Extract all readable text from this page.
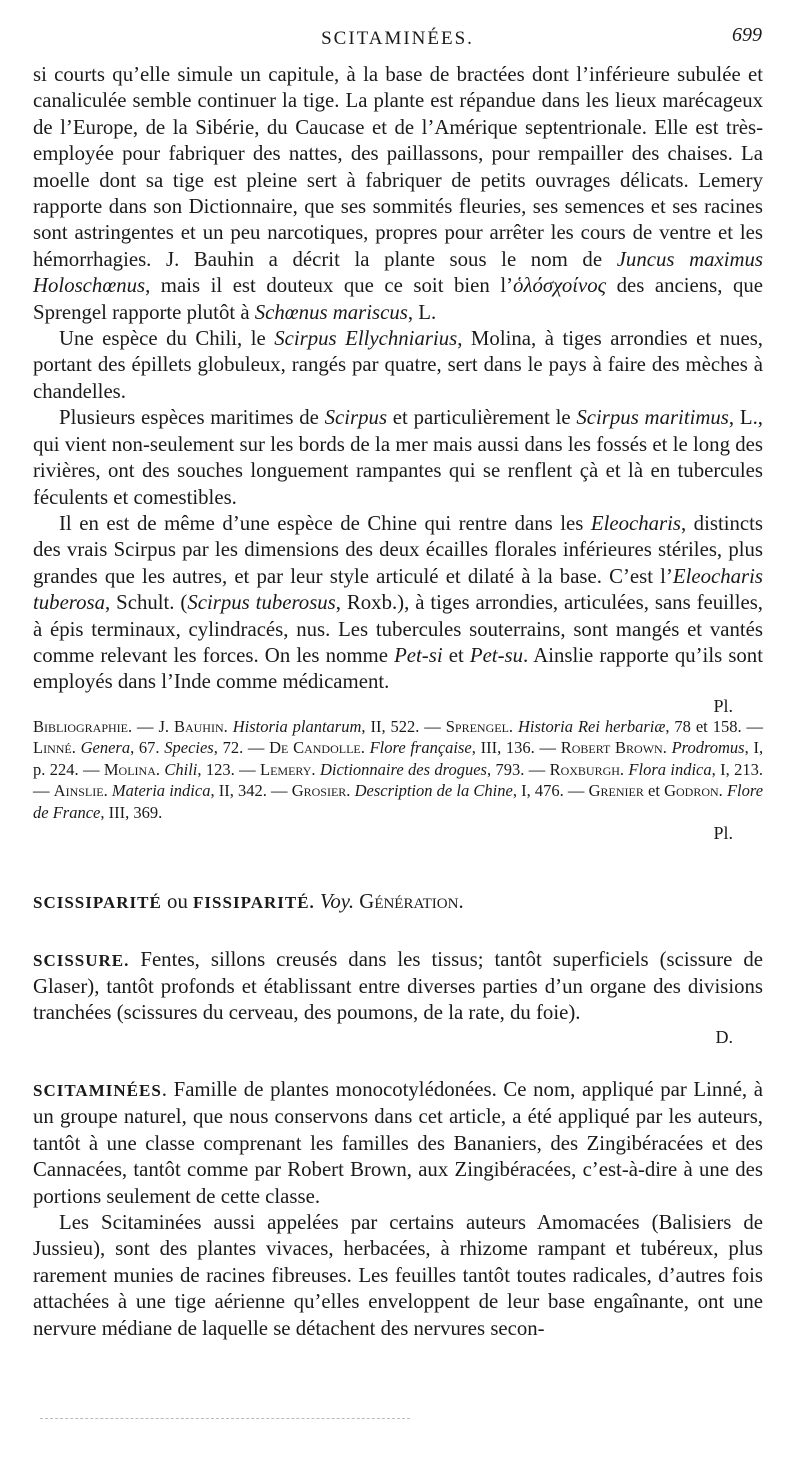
SCITAMINÉES.	699

si courts qu’elle simule un capitule, à la base de bractées dont l’inférieure subulée et canaliculée semble continuer la tige. La plante est répandue dans les lieux marécageux de l’Europe, de la Sibérie, du Caucase et de l’Amérique septentrionale. Elle est très-employée pour fabriquer des nattes, des paillassons, pour rempailler des chaises. La moelle dont sa tige est pleine sert à fabriquer de petits ouvrages délicats. Lemery rapporte dans son Dictionnaire, que ses sommités fleuries, ses semences et ses racines sont astringentes et un peu narcotiques, propres pour arrêter les cours de ventre et les hémorrhagies. J. Bauhin a décrit la plante sous le nom de Juncus maximus Holoschœnus, mais il est douteux que ce soit bien l’ὁλόσχοίνος des anciens, que Sprengel rapporte plutôt à Schœnus mariscus, L.

Une espèce du Chili, le Scirpus Ellychniarius, Molina, à tiges arrondies et nues, portant des épillets globuleux, rangés par quatre, sert dans le pays à faire des mèches à chandelles.

Plusieurs espèces maritimes de Scirpus et particulièrement le Scirpus maritimus, L., qui vient non-seulement sur les bords de la mer mais aussi dans les fossés et le long des rivières, ont des souches longuement rampantes qui se renflent çà et là en tubercules féculents et comestibles.

Il en est de même d’une espèce de Chine qui rentre dans les Eleocharis, distincts des vrais Scirpus par les dimensions des deux écailles florales inférieures stériles, plus grandes que les autres, et par leur style articulé et dilaté à la base. C’est l’Eleocharis tuberosa, Schult. (Scirpus tuberosus, Roxb.), à tiges arrondies, articulées, sans feuilles, à épis terminaux, cylindracés, nus. Les tubercules souterrains, sont mangés et vantés comme relevant les forces. On les nomme Pet-si et Pet-su. Ainslie rapporte qu’ils sont employés dans l’Inde comme médicament.

Pl.

Bibliographie. — J. Bauhin. Historia plantarum, II, 522. — Sprengel. Historia Rei herbariæ, 78 et 158. — Linné. Genera, 67. Species, 72. — De Candolle. Flore française, III, 136. — Robert Brown. Prodromus, I, p. 224. — Molina. Chili, 123. — Lemery. Dictionnaire des drogues, 793. — Roxburgh. Flora indica, I, 213. — Ainslie. Materia indica, II, 342. — Grosier. Description de la Chine, I, 476. — Grenier et Godron. Flore de France, III, 369.

Pl.

SCISSIPARITÉ ou FISSIPARITÉ. Voy. Génération.

SCISSURE. Fentes, sillons creusés dans les tissus; tantôt superficiels (scissure de Glaser), tantôt profonds et établissant entre diverses parties d’un organe des divisions tranchées (scissures du cerveau, des poumons, de la rate, du foie).

D.

SCITAMINÉES. Famille de plantes monocotylédonées. Ce nom, appliqué par Linné, à un groupe naturel, que nous conservons dans cet article, a été appliqué par les auteurs, tantôt à une classe comprenant les familles des Bananiers, des Zingibéracées et des Cannacées, tantôt comme par Robert Brown, aux Zingibéracées, c’est-à-dire à une des portions seulement de cette classe.

Les Scitaminées aussi appelées par certains auteurs Amomacées (Balisiers de Jussieu), sont des plantes vivaces, herbacées, à rhizome rampant et tubéreux, plus rarement munies de racines fibreuses. Les feuilles tantôt toutes radicales, d’autres fois attachées à une tige aérienne qu’elles enveloppent de leur base engaînante, ont une nervure médiane de laquelle se détachent des nervures secon-
